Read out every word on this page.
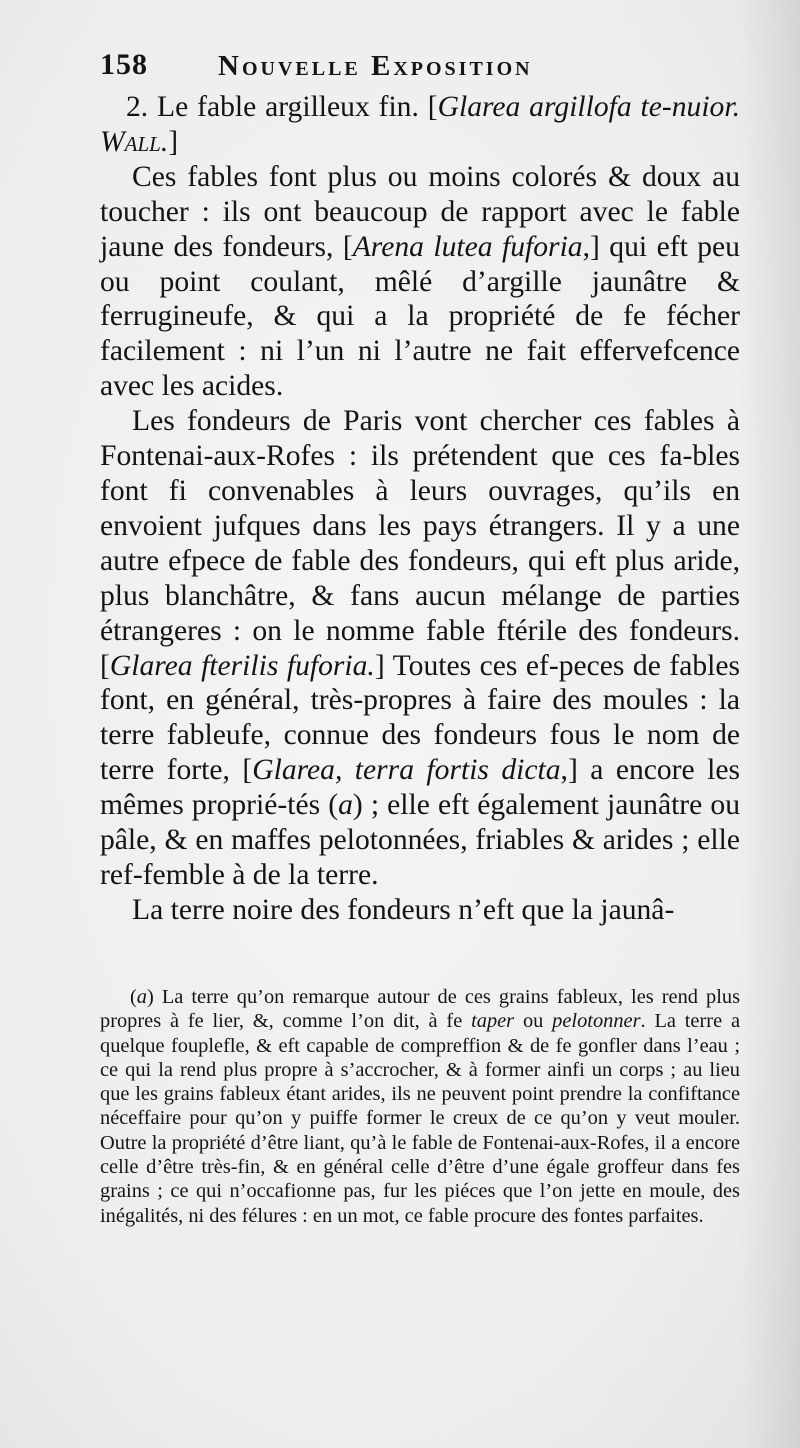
158 Nouvelle Exposition

2. Le fable argilleux fin. [Glarea argillofa te-nuior. Wall.]

Ces fables font plus ou moins colorés & doux au toucher : ils ont beaucoup de rapport avec le fable jaune des fondeurs, [Arena lutea fuforia,] qui eft peu ou point coulant, mêlé d’argille jaunâtre & ferrugineufe, & qui a la propriété de fe fécher facilement : ni l’un ni l’autre ne fait effervefcence avec les acides.

Les fondeurs de Paris vont chercher ces fables à Fontenai-aux-Rofes : ils prétendent que ces fa-bles font fi convenables à leurs ouvrages, qu’ils en envoient jufques dans les pays étrangers. Il y a une autre efpece de fable des fondeurs, qui eft plus aride, plus blanchâtre, & fans aucun mélange de parties étrangeres : on le nomme fable ftérile des fondeurs. [Glarea fterilis fuforia.] Toutes ces ef-peces de fables font, en général, très-propres à faire des moules : la terre fableufe, connue des fondeurs fous le nom de terre forte, [Glarea, terra fortis dicta,] a encore les mêmes proprié-tés (a) ; elle eft également jaunâtre ou pâle, & en maffes pelotonnées, friables & arides ; elle ref-femble à de la terre.

La terre noire des fondeurs n’eft que la jaunâ-

(a) La terre qu’on remarque autour de ces grains fableux, les rend plus propres à fe lier, &, comme l’on dit, à fe taper ou pelotonner. La terre a quelque fouplefle, & eft capable de compreffion & de fe gonfler dans l’eau ; ce qui la rend plus propre à s’accrocher, & à former ainfi un corps ; au lieu que les grains fableux étant arides, ils ne peuvent point prendre la confiftance néceffaire pour qu’on y puiffe former le creux de ce qu’on y veut mouler. Outre la propriété d’être liant, qu’à le fable de Fontenai-aux-Rofes, il a encore celle d’être très-fin, & en général celle d’être d’une égale groffeur dans fes grains ; ce qui n’occafionne pas, fur les piéces que l’on jette en moule, des inégalités, ni des félures : en un mot, ce fable procure des fontes parfaites.
